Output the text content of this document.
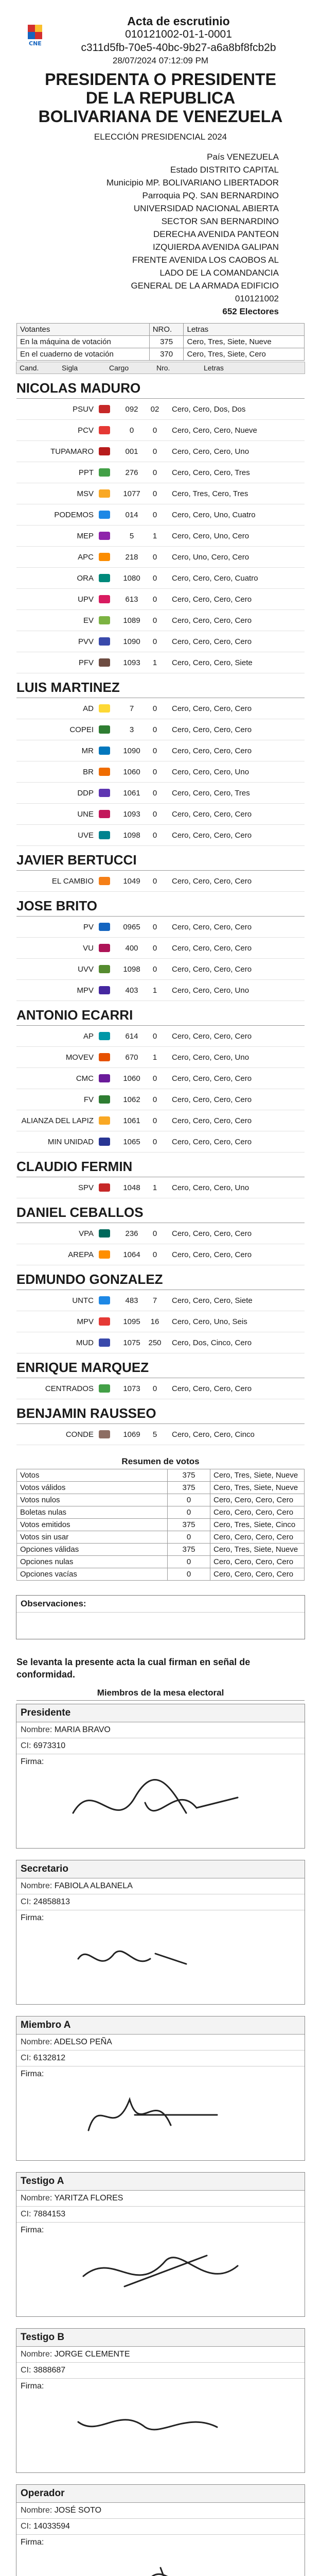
CNE
Acta de escrutinio
010121002-01-1-0001
c311d5fb-70e5-40bc-9b27-a6a8bf8fcb2b
28/07/2024 07:12:09 PM
PRESIDENTA O PRESIDENTE DE LA REPUBLICA BOLIVARIANA DE VENEZUELA
ELECCIÓN PRESIDENCIAL 2024
País VENEZUELA
Estado DISTRITO CAPITAL
Municipio MP. BOLIVARIANO LIBERTADOR
Parroquia PQ. SAN BERNARDINO
UNIVERSIDAD NACIONAL ABIERTA
SECTOR SAN BERNARDINO
DERECHA AVENIDA PANTEON
IZQUIERDA AVENIDA GALIPAN
FRENTE AVENIDA LOS CAOBOS AL
LADO DE LA COMANDANCIA
GENERAL DE LA ARMADA EDIFICIO
010121002
652 Electores
Votantes	NRO.	Letras
En la máquina de votación	375	Cero, Tres, Siete, Nueve
En el cuaderno de votación	370	Cero, Tres, Siete, Cero
Cand.	Sigla	Cargo	Nro.	Letras
NICOLAS MADURO
PSUV	092	02	Cero, Cero, Dos, Dos
PCV	0	0	Cero, Cero, Cero, Nueve
TUPAMARO	001	0	Cero, Cero, Cero, Uno
PPT	276	0	Cero, Cero, Cero, Tres
MSV	1077	0	Cero, Tres, Cero, Tres
PODEMOS	014	0	Cero, Cero, Uno, Cuatro
MEP	5	1	Cero, Cero, Uno, Cero
APC	218	0	Cero, Uno, Cero, Cero
ORA	1080	0	Cero, Cero, Cero, Cuatro
UPV	613	0	Cero, Cero, Cero, Cero
EV	1089	0	Cero, Cero, Cero, Cero
PVV	1090	0	Cero, Cero, Cero, Cero
PFV	1093	1	Cero, Cero, Cero, Siete
LUIS MARTINEZ
AD	7	0	Cero, Cero, Cero, Cero
COPEI	3	0	Cero, Cero, Cero, Cero
MR	1090	0	Cero, Cero, Cero, Cero
BR	1060	0	Cero, Cero, Cero, Uno
DDP	1061	0	Cero, Cero, Cero, Tres
UNE	1093	0	Cero, Cero, Cero, Cero
UVE	1098	0	Cero, Cero, Cero, Cero
JAVIER BERTUCCI
EL CAMBIO	1049	0	Cero, Cero, Cero, Cero
JOSE BRITO
PV	0965	0	Cero, Cero, Cero, Cero
VU	400	0	Cero, Cero, Cero, Cero
UVV	1098	0	Cero, Cero, Cero, Cero
MPV	403	1	Cero, Cero, Cero, Uno
ANTONIO ECARRI
AP	614	0	Cero, Cero, Cero, Cero
MOVEV	670	1	Cero, Cero, Cero, Uno
CMC	1060	0	Cero, Cero, Cero, Cero
FV	1062	0	Cero, Cero, Cero, Cero
ALIANZA DEL LAPIZ	1061	0	Cero, Cero, Cero, Cero
MIN UNIDAD	1065	0	Cero, Cero, Cero, Cero
CLAUDIO FERMIN
SPV	1048	1	Cero, Cero, Cero, Uno
DANIEL CEBALLOS
VPA	236	0	Cero, Cero, Cero, Cero
AREPA	1064	0	Cero, Cero, Cero, Cero
EDMUNDO GONZALEZ
UNTC	483	7	Cero, Cero, Cero, Siete
MPV	1095	16	Cero, Cero, Uno, Seis
MUD	1075	250	Cero, Dos, Cinco, Cero
ENRIQUE MARQUEZ
CENTRADOS	1073	0	Cero, Cero, Cero, Cero
BENJAMIN RAUSSEO
CONDE	1069	5	Cero, Cero, Cero, Cinco
Resumen de votos
Votos	375	Cero, Tres, Siete, Nueve
Votos válidos	375	Cero, Tres, Siete, Nueve
Votos nulos	0	Cero, Cero, Cero, Cero
Boletas nulas	0	Cero, Cero, Cero, Cero
Votos emitidos	375	Cero, Tres, Siete, Cinco
Votos sin usar	0	Cero, Cero, Cero, Cero
Opciones válidas	375	Cero, Tres, Siete, Nueve
Opciones nulas	0	Cero, Cero, Cero, Cero
Opciones vacías	0	Cero, Cero, Cero, Cero
Observaciones:
Se levanta la presente acta la cual firman en señal de conformidad.
Miembros de la mesa electoral
Presidente
Nombre: MARIA BRAVO
CI: 6973310
Firma:
Secretario
Nombre: FABIOLA ALBANELA
CI: 24858813
Firma:
Miembro A
Nombre: ADELSO PEÑA
CI: 6132812
Firma:
Testigo A
Nombre: YARITZA FLORES
CI: 7884153
Firma:
Testigo B
Nombre: JORGE CLEMENTE
CI: 3888687
Firma:
Operador
Nombre: JOSÉ SOTO
CI: 14033594
Firma:
